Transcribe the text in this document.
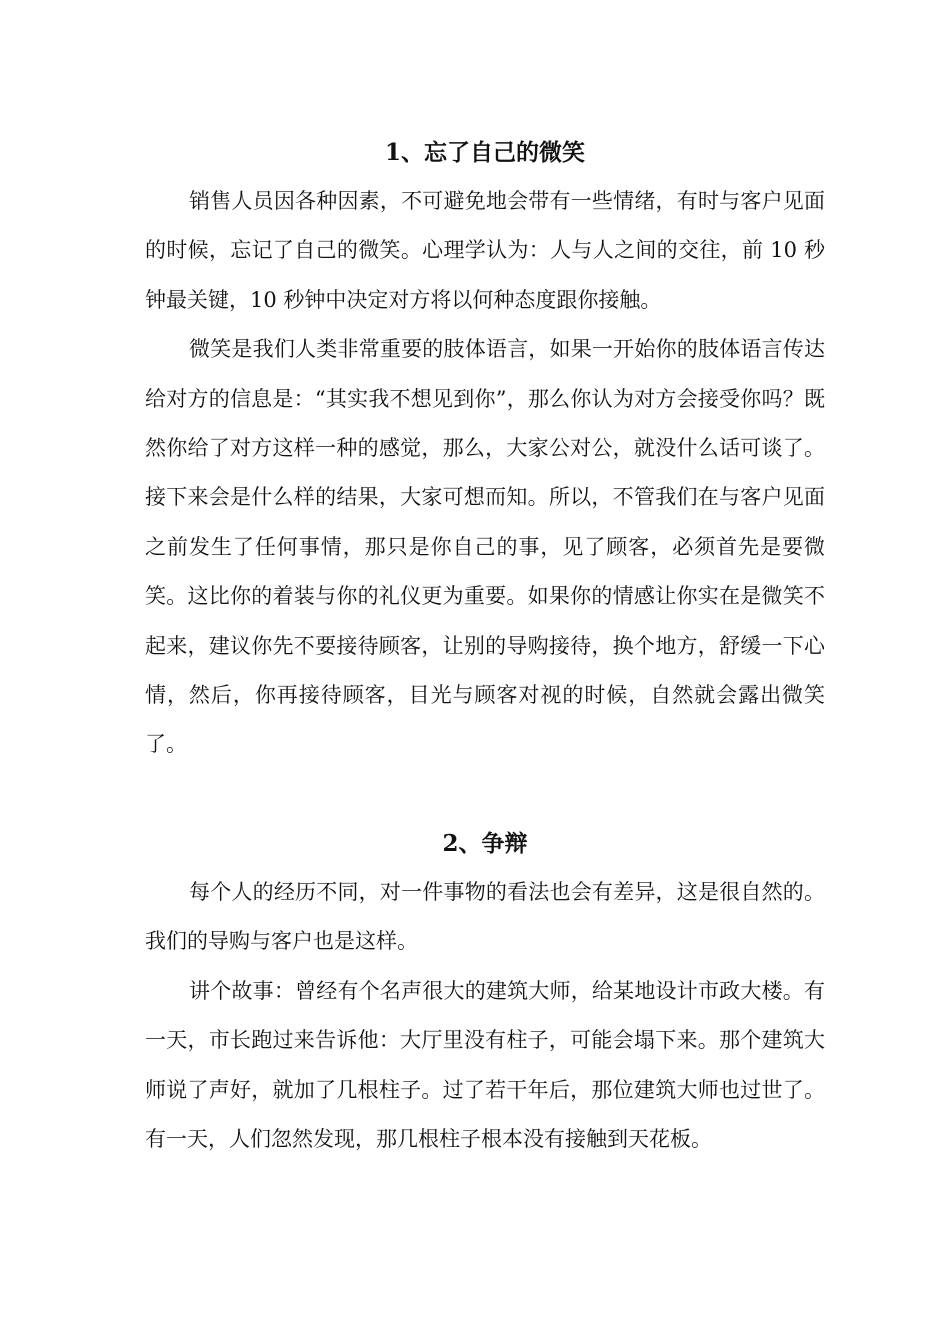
1、忘了自己的微笑

销售人员因各种因素，不可避免地会带有一些情绪，有时与客户见面的时候，忘记了自己的微笑。心理学认为：人与人之间的交往，前 10 秒钟最关键，10 秒钟中决定对方将以何种态度跟你接触。

微笑是我们人类非常重要的肢体语言，如果一开始你的肢体语言传达给对方的信息是：“其实我不想见到你”，那么你认为对方会接受你吗？既然你给了对方这样一种的感觉，那么，大家公对公，就没什么话可谈了。接下来会是什么样的结果，大家可想而知。所以，不管我们在与客户见面之前发生了任何事情，那只是你自己的事，见了顾客，必须首先是要微笑。这比你的着装与你的礼仪更为重要。如果你的情感让你实在是微笑不起来，建议你先不要接待顾客，让别的导购接待，换个地方，舒缓一下心情，然后，你再接待顾客，目光与顾客对视的时候，自然就会露出微笑了。

2、争辩

每个人的经历不同，对一件事物的看法也会有差异，这是很自然的。我们的导购与客户也是这样。

讲个故事：曾经有个名声很大的建筑大师，给某地设计市政大楼。有一天，市长跑过来告诉他：大厅里没有柱子，可能会塌下来。那个建筑大师说了声好，就加了几根柱子。过了若干年后，那位建筑大师也过世了。有一天，人们忽然发现，那几根柱子根本没有接触到天花板。
